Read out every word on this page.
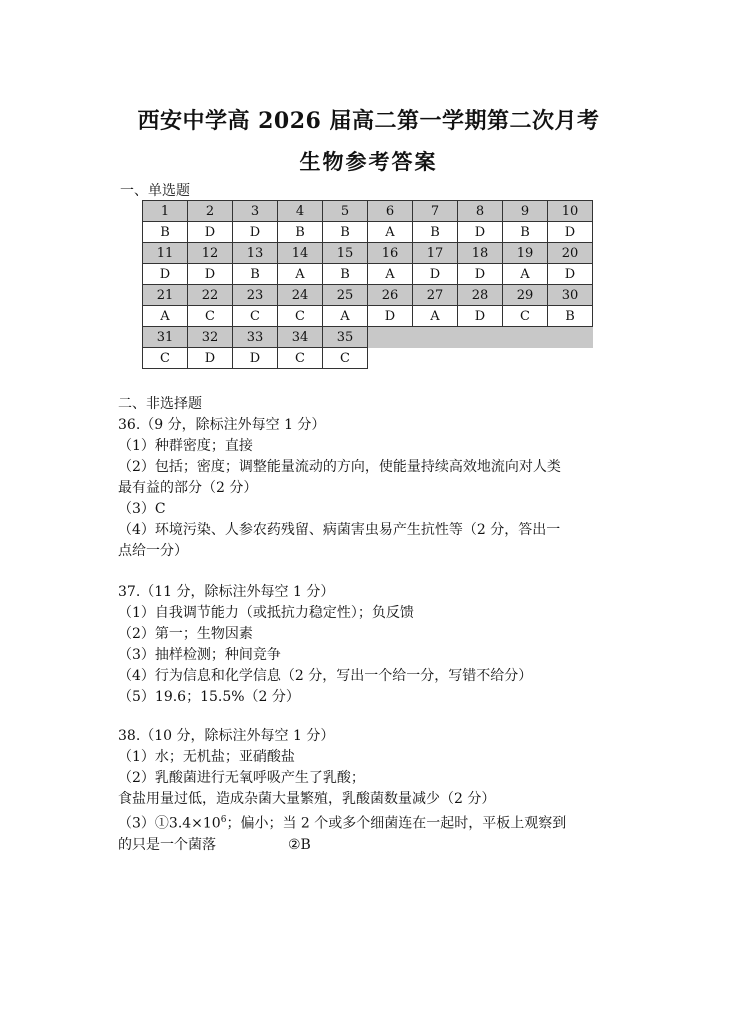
西安中学高 2026 届高二第一学期第二次月考
生物参考答案
一、单选题
1	2	3	4	5	6	7	8	9	10
B	D	D	B	B	A	B	D	B	D
11	12	13	14	15	16	17	18	19	20
D	D	B	A	B	A	D	D	A	D
21	22	23	24	25	26	27	28	29	30
A	C	C	C	A	D	A	D	C	B
31	32	33	34	35					
C	D	D	C	C					
二、非选择题

36.（9 分，除标注外每空 1 分）

（1）种群密度；直接

（2）包括；密度；调整能量流动的方向，使能量持续高效地流向对人类

最有益的部分（2 分）

（3）C

（4）环境污染、人参农药残留、病菌害虫易产生抗性等（2 分，答出一

点给一分）

37.（11 分，除标注外每空 1 分）

（1）自我调节能力（或抵抗力稳定性）；负反馈

（2）第一；生物因素

（3）抽样检测；种间竞争

（4）行为信息和化学信息（2 分，写出一个给一分，写错不给分）

（5）19.6；15.5%（2 分）

38.（10 分，除标注外每空 1 分）

（1）水；无机盐；亚硝酸盐

（2）乳酸菌进行无氧呼吸产生了乳酸；

食盐用量过低，造成杂菌大量繁殖，乳酸菌数量减少（2 分）

$(3)①3.4\times 10^6$；偏小；当 2 个或多个细菌连在一起时，平板上观察到

的只是一个菌落	②B
